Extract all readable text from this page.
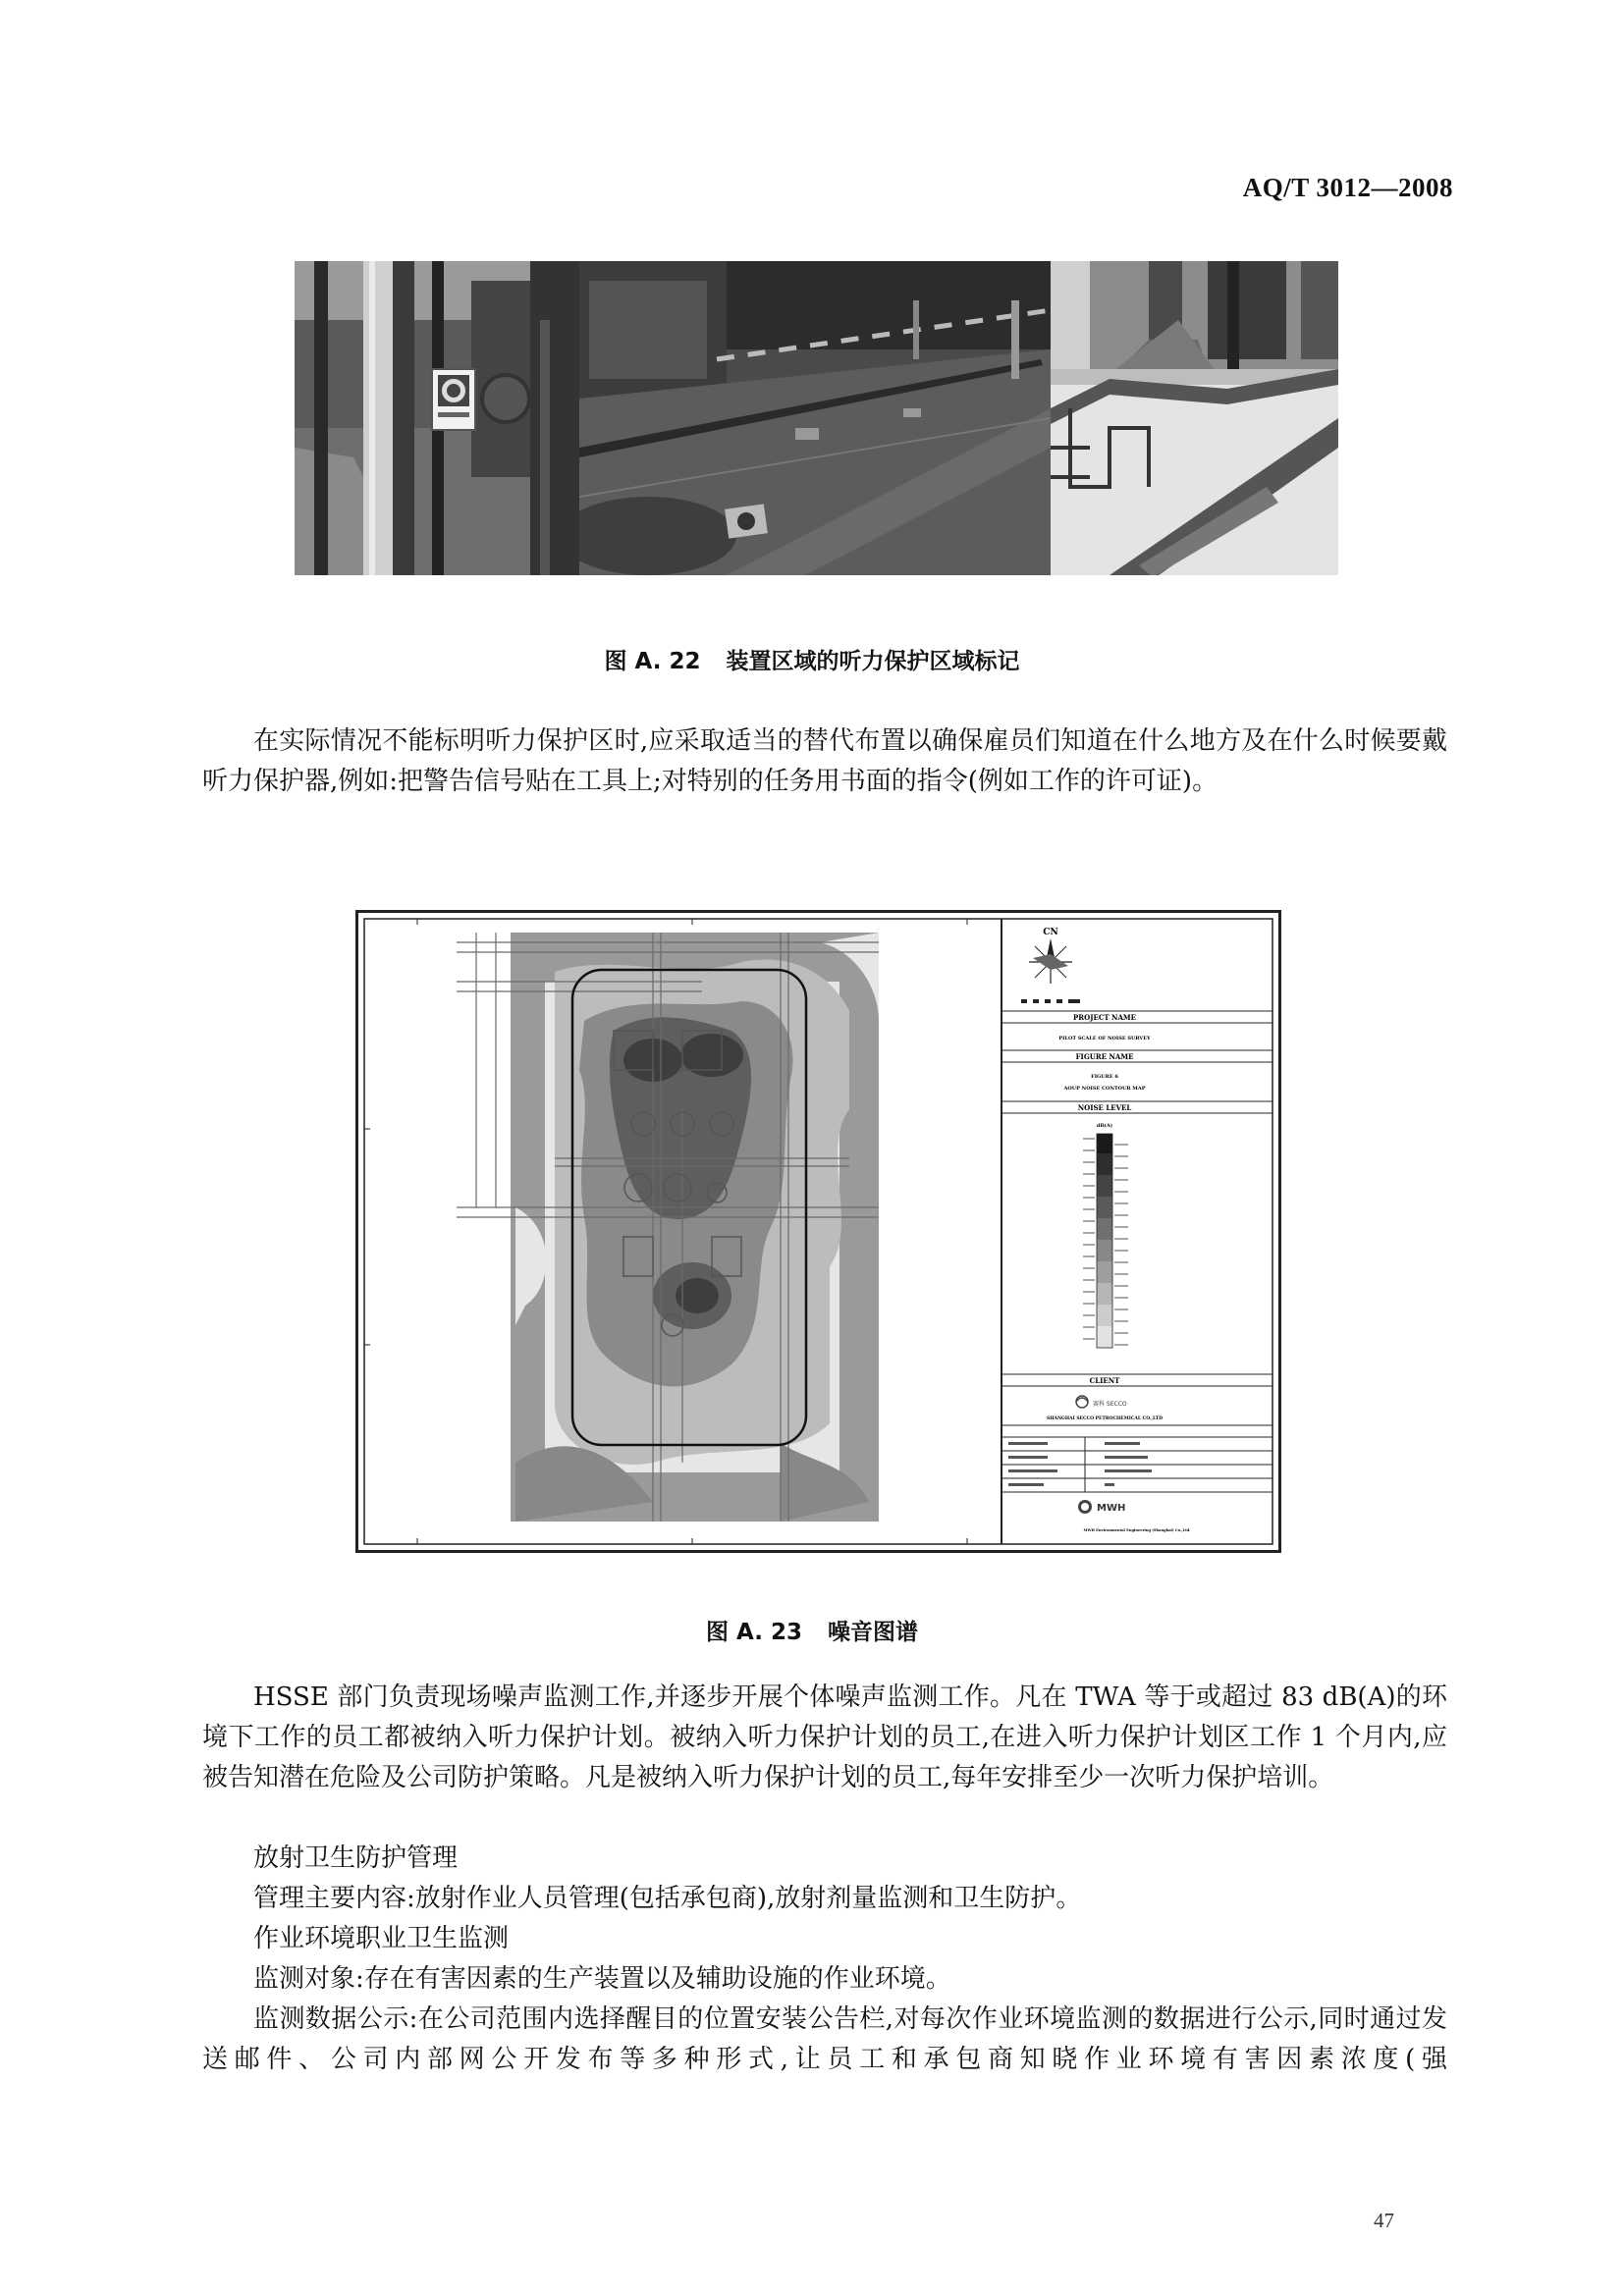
AQ/T 3012—2008
图 A. 22 装置区域的听力保护区域标记

在实际情况不能标明听力保护区时,应采取适当的替代布置以确保雇员们知道在什么地方及在什么时候要戴听力保护器,例如:把警告信号贴在工具上;对特别的任务用书面的指令(例如工作的许可证)。

CN
PROJECT NAME
PILOT SCALE OF NOISE SURVEY
FIGURE NAME
FIGURE 6
AOUP NOISE CONTOUR MAP
NOISE LEVEL
dB(A)
CLIENT
赛科 SECCO
SHANGHAI SECCO PETROCHEMICAL CO.,LTD
MWH
MWH Environmental Engineering (Shanghai) Co.,Ltd.
图 A. 23 噪音图谱

HSSE 部门负责现场噪声监测工作,并逐步开展个体噪声监测工作。凡在 TWA 等于或超过 83 dB(A)的环境下工作的员工都被纳入听力保护计划。被纳入听力保护计划的员工,在进入听力保护计划区工作 1 个月内,应被告知潜在危险及公司防护策略。凡是被纳入听力保护计划的员工,每年安排至少一次听力保护培训。

放射卫生防护管理

管理主要内容:放射作业人员管理(包括承包商),放射剂量监测和卫生防护。

作业环境职业卫生监测

监测对象:存在有害因素的生产装置以及辅助设施的作业环境。

监测数据公示:在公司范围内选择醒目的位置安装公告栏,对每次作业环境监测的数据进行公示,同时通过发送邮件、公司内部网公开发布等多种形式,让员工和承包商知晓作业环境有害因素浓度(强

47
